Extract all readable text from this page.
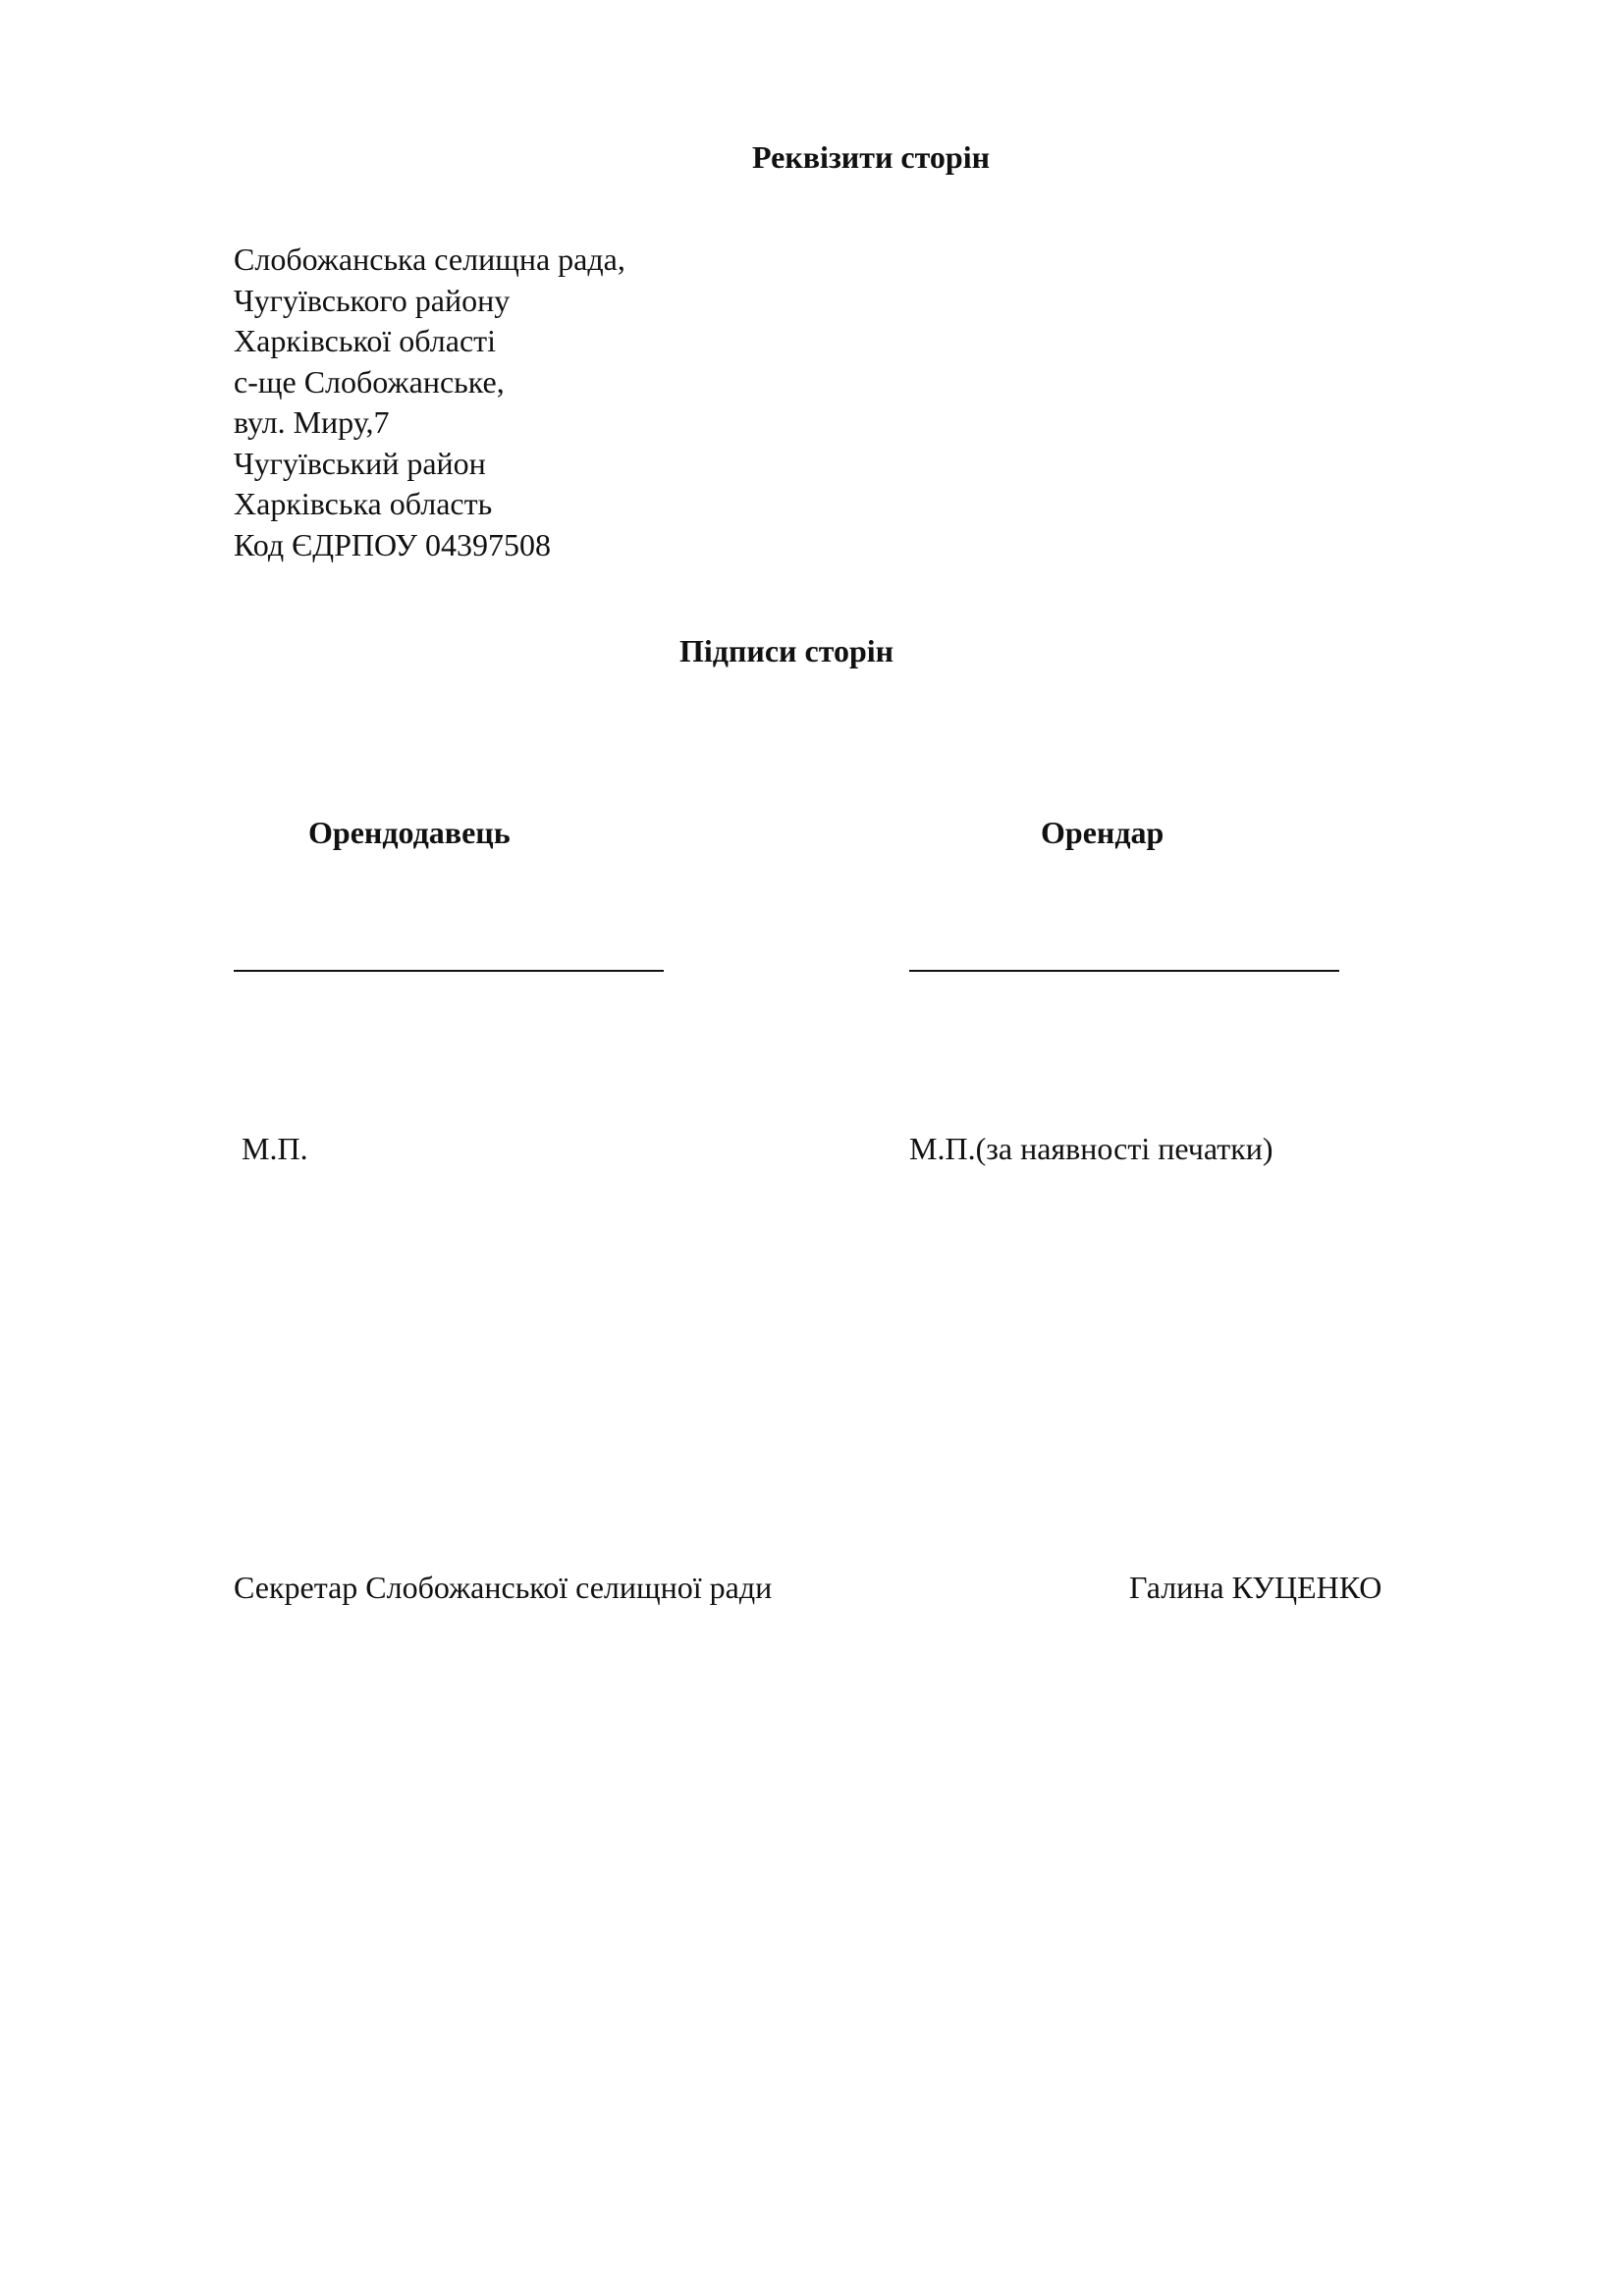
Реквізити сторін
Слобожанська селищна рада,
Чугуївського району
Харківської області
с-ще Слобожанське,
вул. Миру,7
Чугуївський район
Харківська область
Код ЄДРПОУ 04397508
Підписи сторін
Орендодавець	Орендар
М.П.	М.П.(за наявності печатки)
Секретар Слобожанської селищної ради	Галина КУЦЕНКО
